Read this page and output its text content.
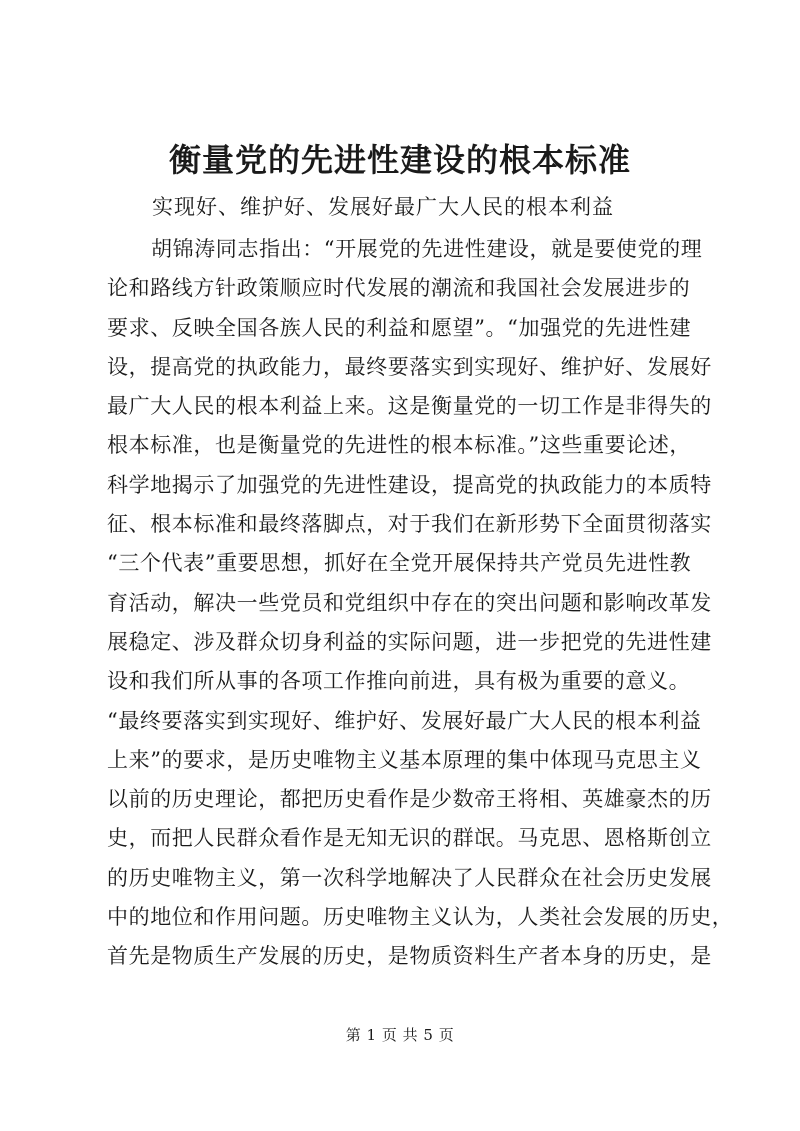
衡量党的先进性建设的根本标准

实现好、维护好、发展好最广大人民的根本利益

胡锦涛同志指出：“开展党的先进性建设，就是要使党的理
论和路线方针政策顺应时代发展的潮流和我国社会发展进步的
要求、反映全国各族人民的利益和愿望”。“加强党的先进性建
设，提高党的执政能力，最终要落实到实现好、维护好、发展好
最广大人民的根本利益上来。这是衡量党的一切工作是非得失的
根本标准，也是衡量党的先进性的根本标准。”这些重要论述，
科学地揭示了加强党的先进性建设，提高党的执政能力的本质特
征、根本标准和最终落脚点，对于我们在新形势下全面贯彻落实
“三个代表”重要思想，抓好在全党开展保持共产党员先进性教
育活动，解决一些党员和党组织中存在的突出问题和影响改革发
展稳定、涉及群众切身利益的实际问题，进一步把党的先进性建
设和我们所从事的各项工作推向前进，具有极为重要的意义。
“最终要落实到实现好、维护好、发展好最广大人民的根本利益
上来”的要求，是历史唯物主义基本原理的集中体现马克思主义
以前的历史理论，都把历史看作是少数帝王将相、英雄豪杰的历
史，而把人民群众看作是无知无识的群氓。马克思、恩格斯创立
的历史唯物主义，第一次科学地解决了人民群众在社会历史发展
中的地位和作用问题。历史唯物主义认为，人类社会发展的历史，
首先是物质生产发展的历史，是物质资料生产者本身的历史，是
第 1 页 共 5 页
